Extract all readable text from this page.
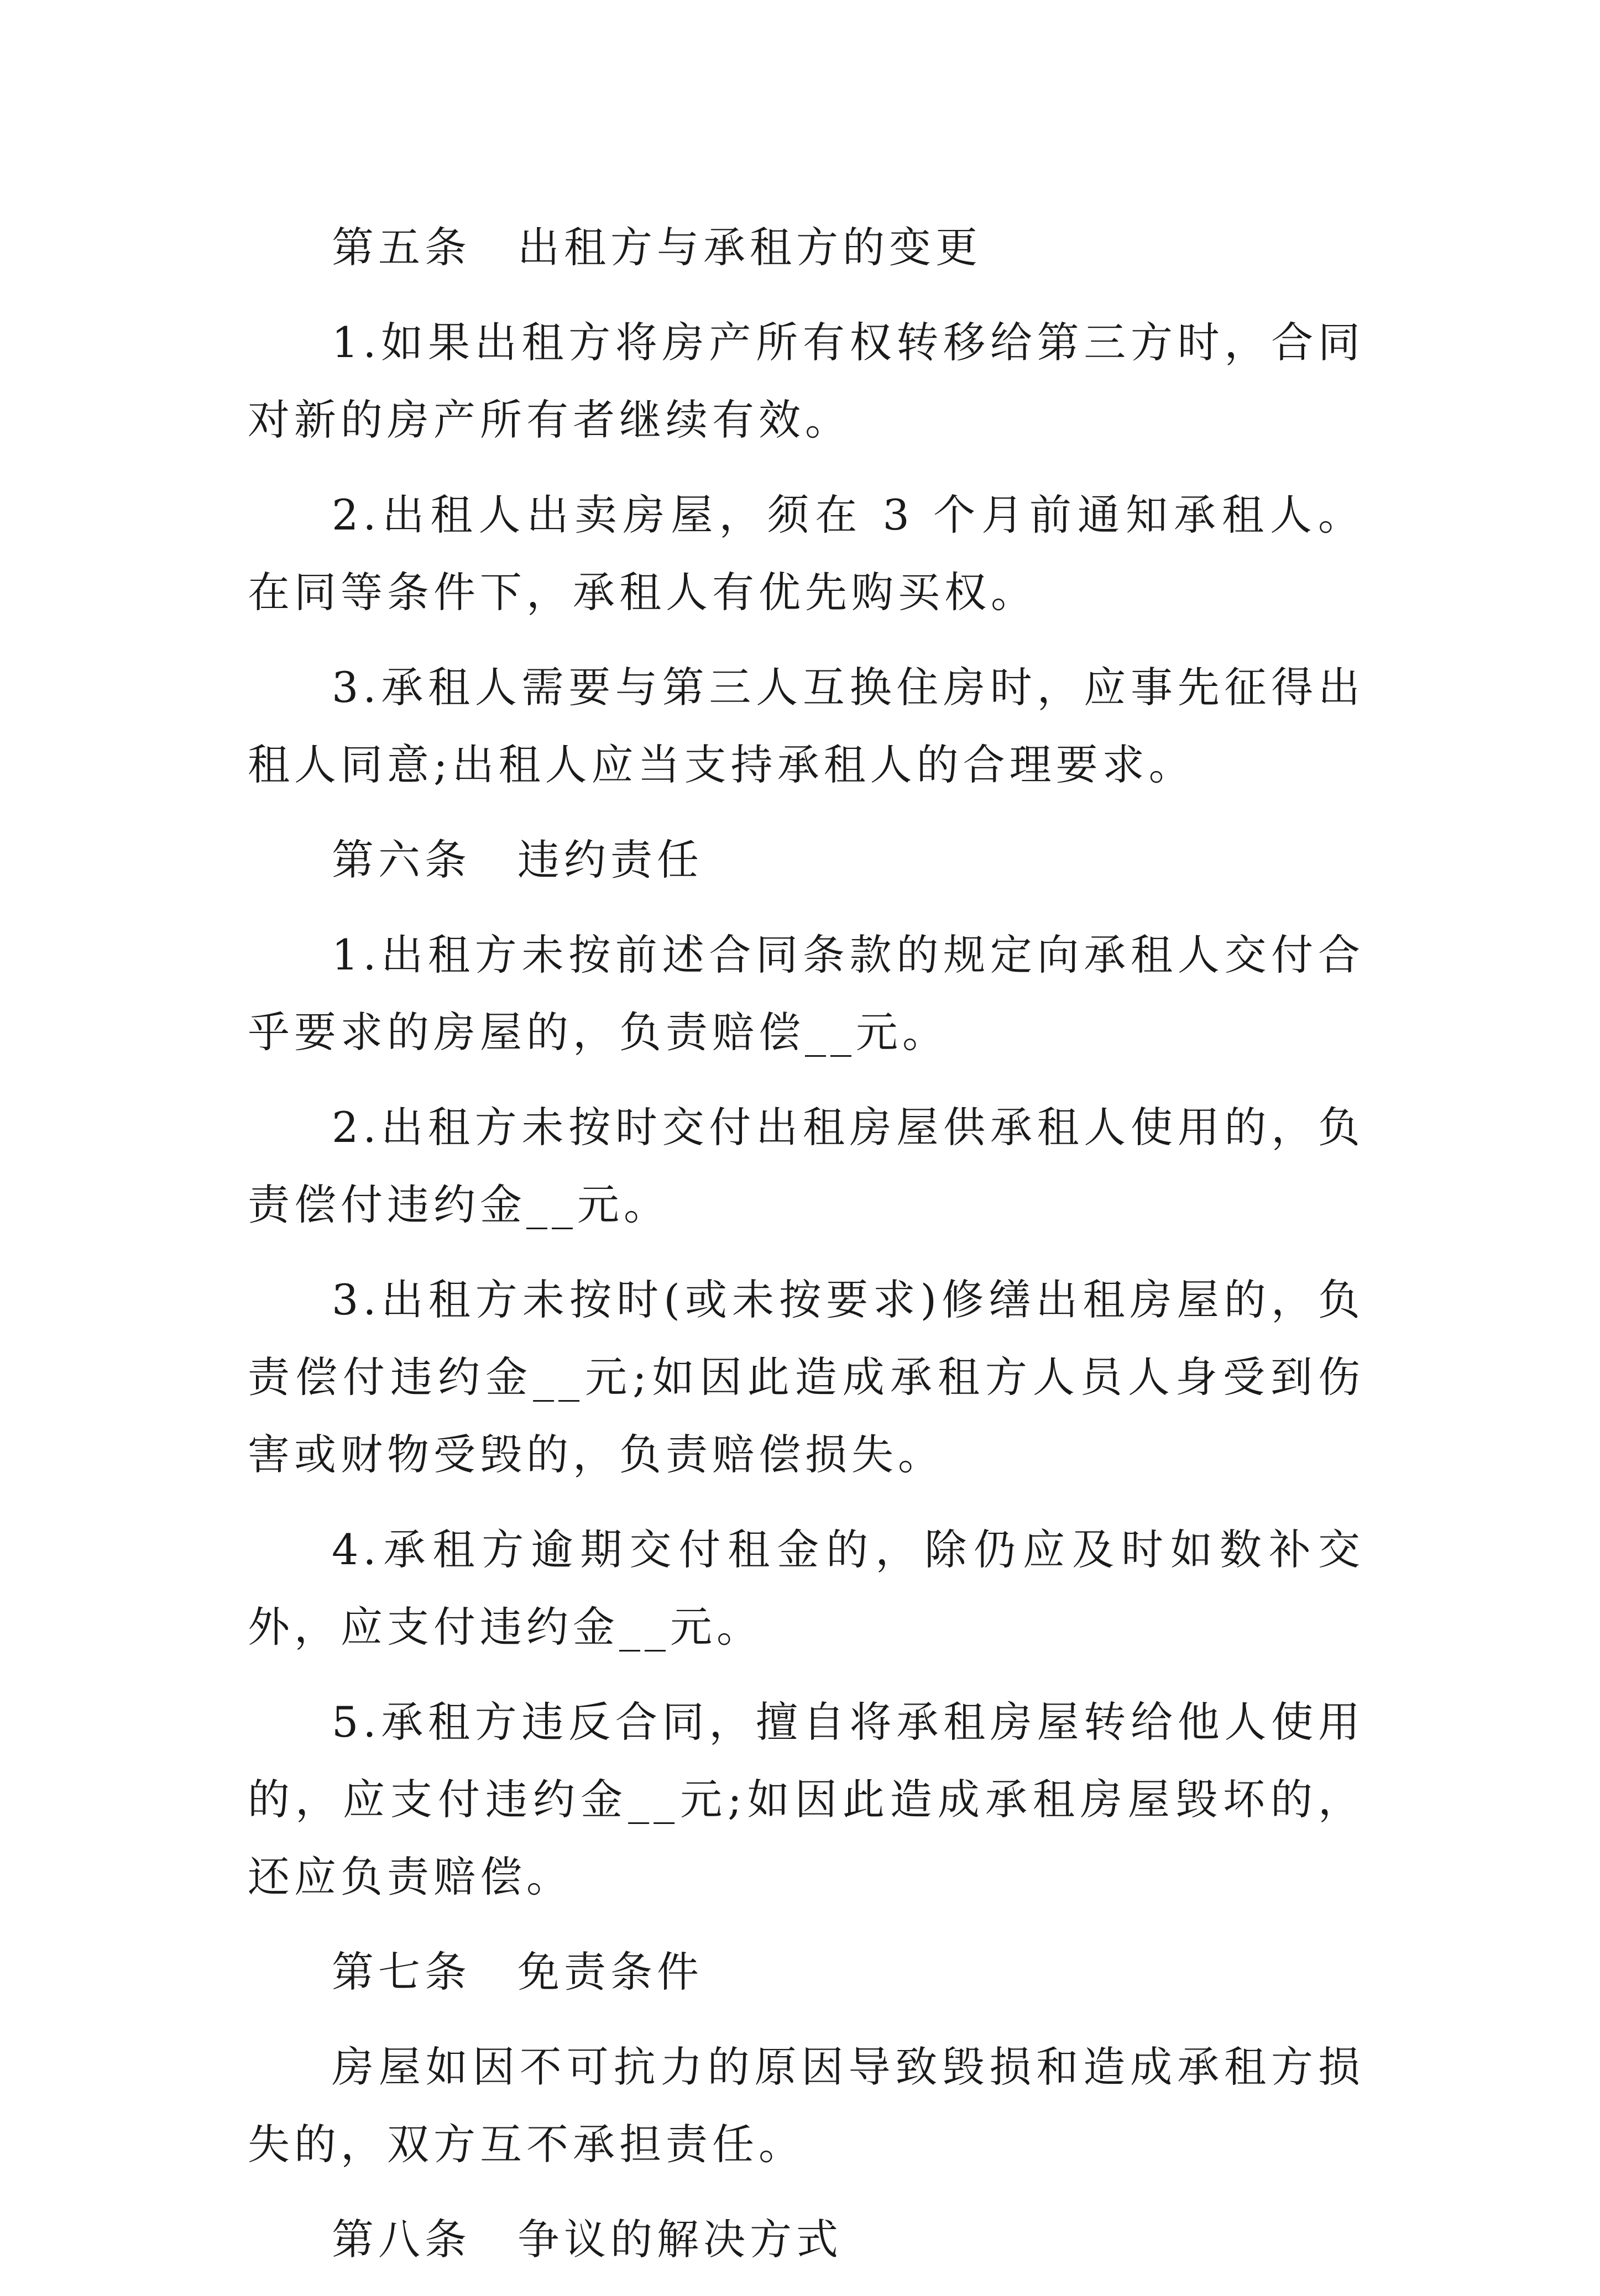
第五条　出租方与承租方的变更

1.如果出租方将房产所有权转移给第三方时，合同对新的房产所有者继续有效。

2.出租人出卖房屋，须在 3 个月前通知承租人。在同等条件下，承租人有优先购买权。

3.承租人需要与第三人互换住房时，应事先征得出租人同意;出租人应当支持承租人的合理要求。

第六条　违约责任

1.出租方未按前述合同条款的规定向承租人交付合乎要求的房屋的，负责赔偿__元。

2.出租方未按时交付出租房屋供承租人使用的，负责偿付违约金__元。

3.出租方未按时(或未按要求)修缮出租房屋的，负责偿付违约金__元;如因此造成承租方人员人身受到伤害或财物受毁的，负责赔偿损失。

4.承租方逾期交付租金的，除仍应及时如数补交外，应支付违约金__元。

5.承租方违反合同，擅自将承租房屋转给他人使用的，应支付违约金__元;如因此造成承租房屋毁坏的，还应负责赔偿。

第七条　免责条件

房屋如因不可抗力的原因导致毁损和造成承租方损失的，双方互不承担责任。

第八条　争议的解决方式
